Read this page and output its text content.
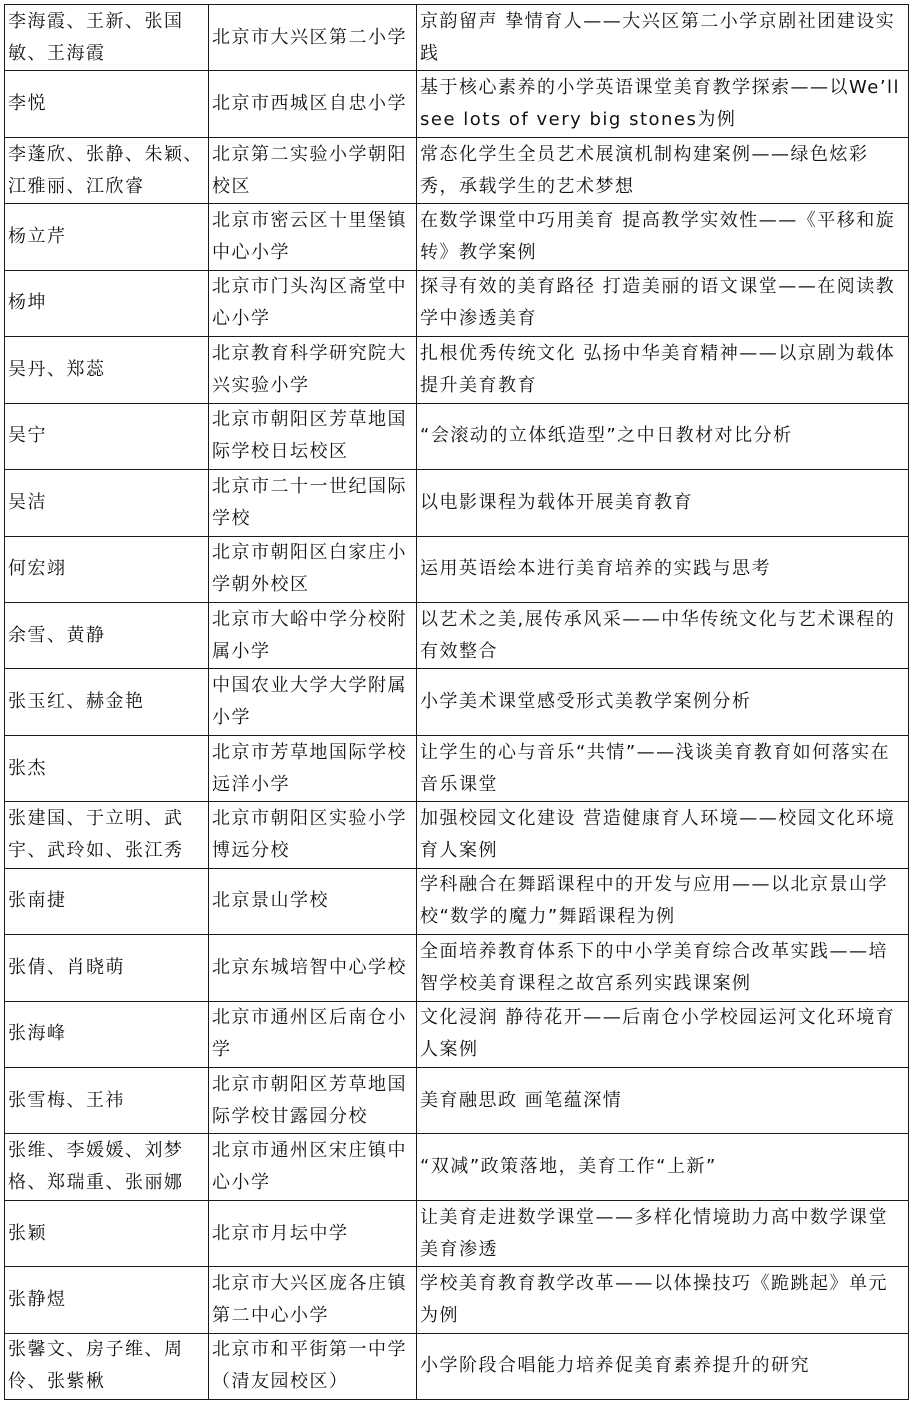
李海霞、王新、张国敏、王海霞	北京市大兴区第二小学	京韵留声 挚情育人——大兴区第二小学京剧社团建设实践

李悦	北京市西城区自忠小学	基于核心素养的小学英语课堂美育教学探索——以We’ll see lots of very big stones为例

李蓬欣、张静、朱颖、江雅丽、江欣睿	北京第二实验小学朝阳校区	常态化学生全员艺术展演机制构建案例——绿色炫彩秀，承载学生的艺术梦想

杨立芹	北京市密云区十里堡镇中心小学	在数学课堂中巧用美育 提高教学实效性——《平移和旋转》教学案例

杨坤	北京市门头沟区斋堂中心小学	探寻有效的美育路径 打造美丽的语文课堂——在阅读教学中渗透美育

吴丹、郑蕊	北京教育科学研究院大兴实验小学	扎根优秀传统文化 弘扬中华美育精神——以京剧为载体提升美育教育

吴宁	北京市朝阳区芳草地国际学校日坛校区	“会滚动的立体纸造型”之中日教材对比分析

吴洁	北京市二十一世纪国际学校	以电影课程为载体开展美育教育

何宏翊	北京市朝阳区白家庄小学朝外校区	运用英语绘本进行美育培养的实践与思考

余雪、黄静	北京市大峪中学分校附属小学	以艺术之美,展传承风采——中华传统文化与艺术课程的有效整合

张玉红、赫金艳	中国农业大学大学附属小学	小学美术课堂感受形式美教学案例分析

张杰	北京市芳草地国际学校远洋小学	让学生的心与音乐“共情”——浅谈美育教育如何落实在音乐课堂

张建国、于立明、武宇、武玲如、张江秀	北京市朝阳区实验小学博远分校	加强校园文化建设 营造健康育人环境——校园文化环境育人案例

张南捷	北京景山学校	学科融合在舞蹈课程中的开发与应用——以北京景山学校“数学的魔力”舞蹈课程为例

张倩、肖晓萌	北京东城培智中心学校	全面培养教育体系下的中小学美育综合改革实践——培智学校美育课程之故宫系列实践课案例

张海峰	北京市通州区后南仓小学	文化浸润 静待花开——后南仓小学校园运河文化环境育人案例

张雪梅、王祎	北京市朝阳区芳草地国际学校甘露园分校	美育融思政 画笔蕴深情

张维、李媛媛、刘梦格、郑瑞重、张丽娜	北京市通州区宋庄镇中心小学	“双减”政策落地，美育工作“上新”

张颖	北京市月坛中学	让美育走进数学课堂——多样化情境助力高中数学课堂美育渗透

张静煜	北京市大兴区庞各庄镇第二中心小学	学校美育教育教学改革——以体操技巧《跪跳起》单元为例

张馨文、房子维、周伶、张紫楸	北京市和平街第一中学（清友园校区）	小学阶段合唱能力培养促美育素养提升的研究
